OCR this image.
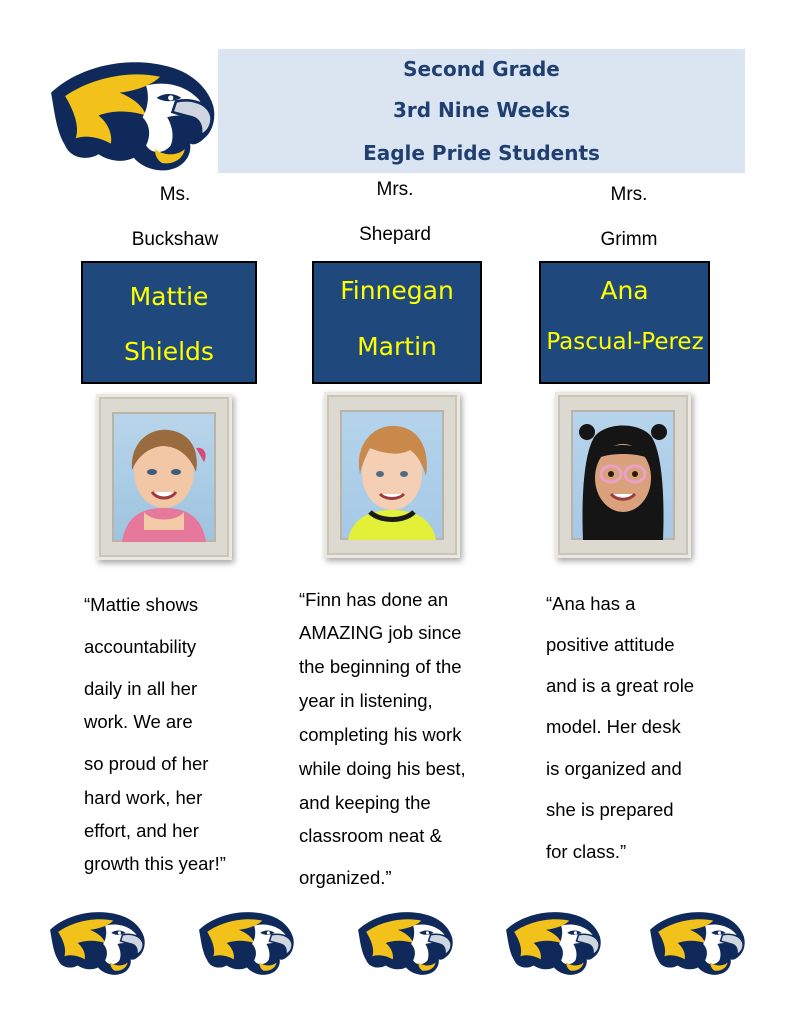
Second Grade
3rd Nine Weeks
Eagle Pride Students
Ms.
Buckshaw
Mattie
Shields
“Mattie shows
accountability
daily in all her
work. We are
so proud of her
hard work, her
effort, and her
growth this year!”
Mrs.
Shepard
Finnegan
Martin
“Finn has done an
AMAZING job since
the beginning of the
year in listening,
completing his work
while doing his best,
and keeping the
classroom neat &
organized.”
Mrs.
Grimm
Ana
Pascual-Perez
“Ana has a
positive attitude
and is a great role
model. Her desk
is organized and
she is prepared
for class.”
